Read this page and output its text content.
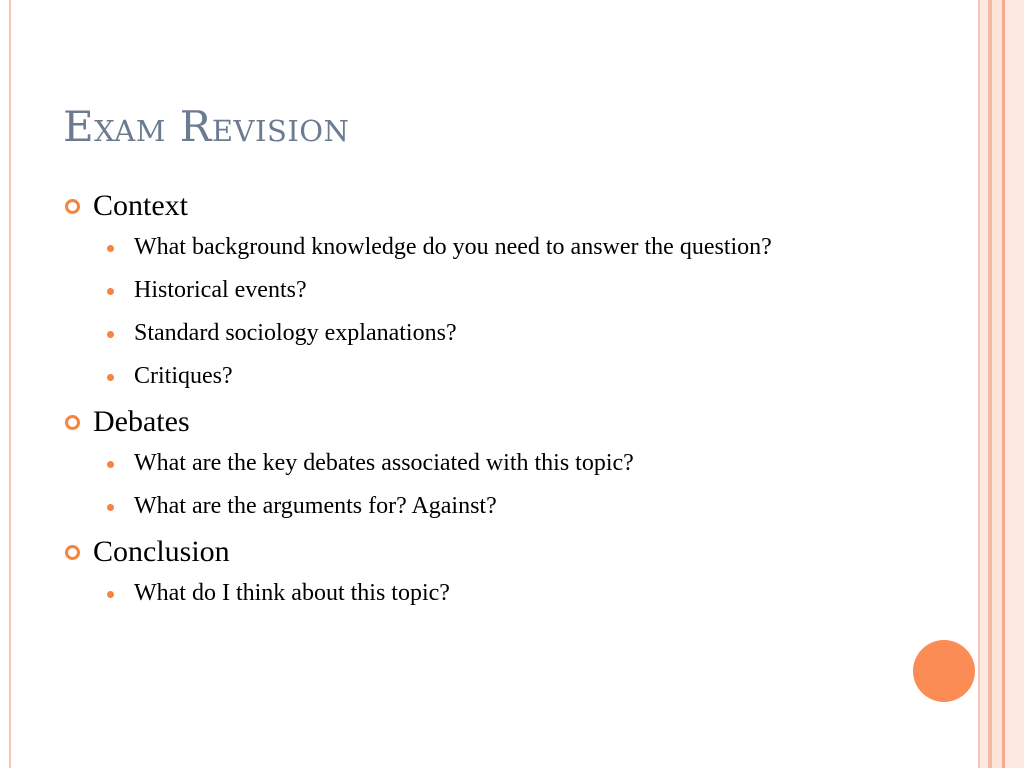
Exam Revision
Context
What background knowledge do you need to answer the question?
Historical events?
Standard sociology explanations?
Critiques?
Debates
What are the key debates associated with this topic?
What are the arguments for? Against?
Conclusion
What do I think about this topic?
